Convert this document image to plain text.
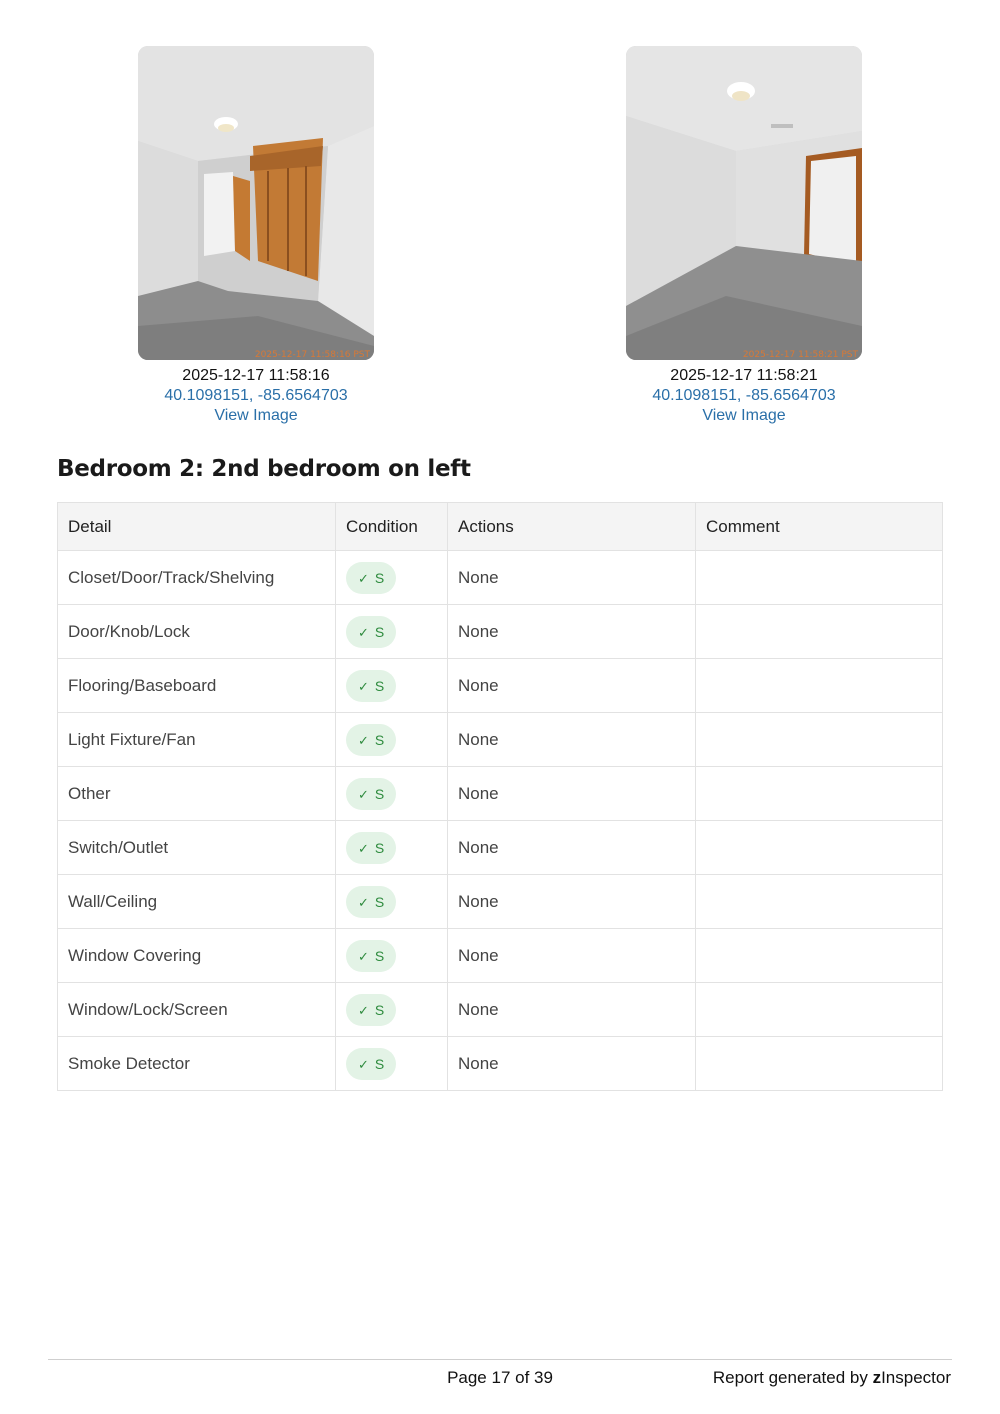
2025-12-17 11:58:16 PST
2025-12-17 11:58:16
40.1098151, -85.6564703
View Image
2025-12-17 11:58:21 PST
2025-12-17 11:58:21
40.1098151, -85.6564703
View Image
Bedroom 2: 2nd bedroom on left
Detail	Condition	Actions	Comment
Closet/Door/Track/Shelving	✓ S	None	
Door/Knob/Lock	✓ S	None	
Flooring/Baseboard	✓ S	None	
Light Fixture/Fan	✓ S	None	
Other	✓ S	None	
Switch/Outlet	✓ S	None	
Wall/Ceiling	✓ S	None	
Window Covering	✓ S	None	
Window/Lock/Screen	✓ S	None	
Smoke Detector	✓ S	None	
Page 17 of 39	Report generated by zInspector
